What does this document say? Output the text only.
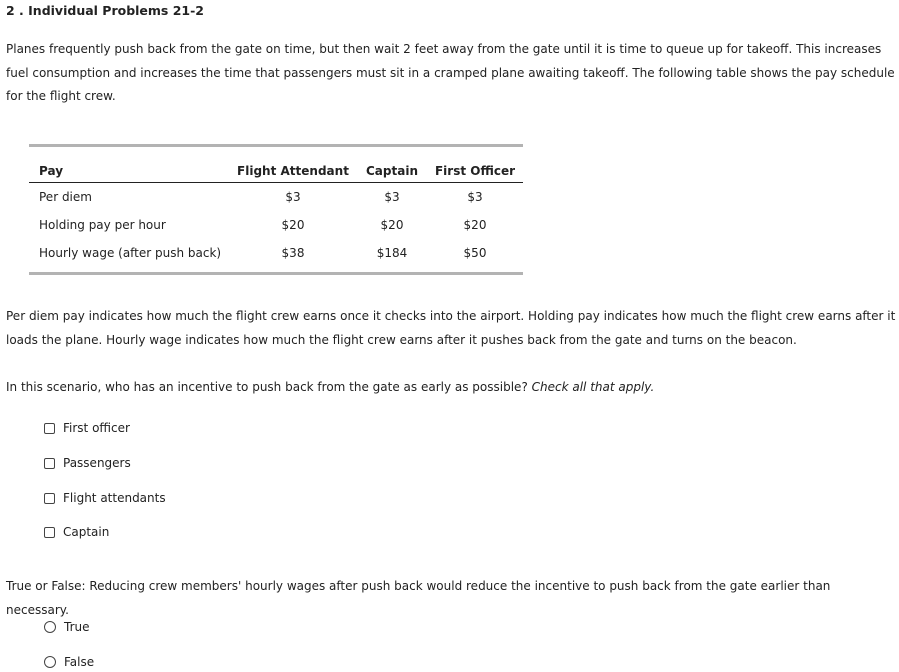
2 . Individual Problems 21-2
Planes frequently push back from the gate on time, but then wait 2 feet away from the gate until it is time to queue up for takeoff. This increases fuel consumption and increases the time that passengers must sit in a cramped plane awaiting takeoff. The following table shows the pay schedule for the flight crew.
Pay	Flight Attendant	Captain	First Officer
Per diem	$3	$3	$3
Holding pay per hour	$20	$20	$20
Hourly wage (after push back)	$38	$184	$50
Per diem pay indicates how much the flight crew earns once it checks into the airport. Holding pay indicates how much the flight crew earns after it loads the plane. Hourly wage indicates how much the flight crew earns after it pushes back from the gate and turns on the beacon.
In this scenario, who has an incentive to push back from the gate as early as possible? Check all that apply.
First officer
Passengers
Flight attendants
Captain
True or False: Reducing crew members' hourly wages after push back would reduce the incentive to push back from the gate earlier than necessary.
True
False
